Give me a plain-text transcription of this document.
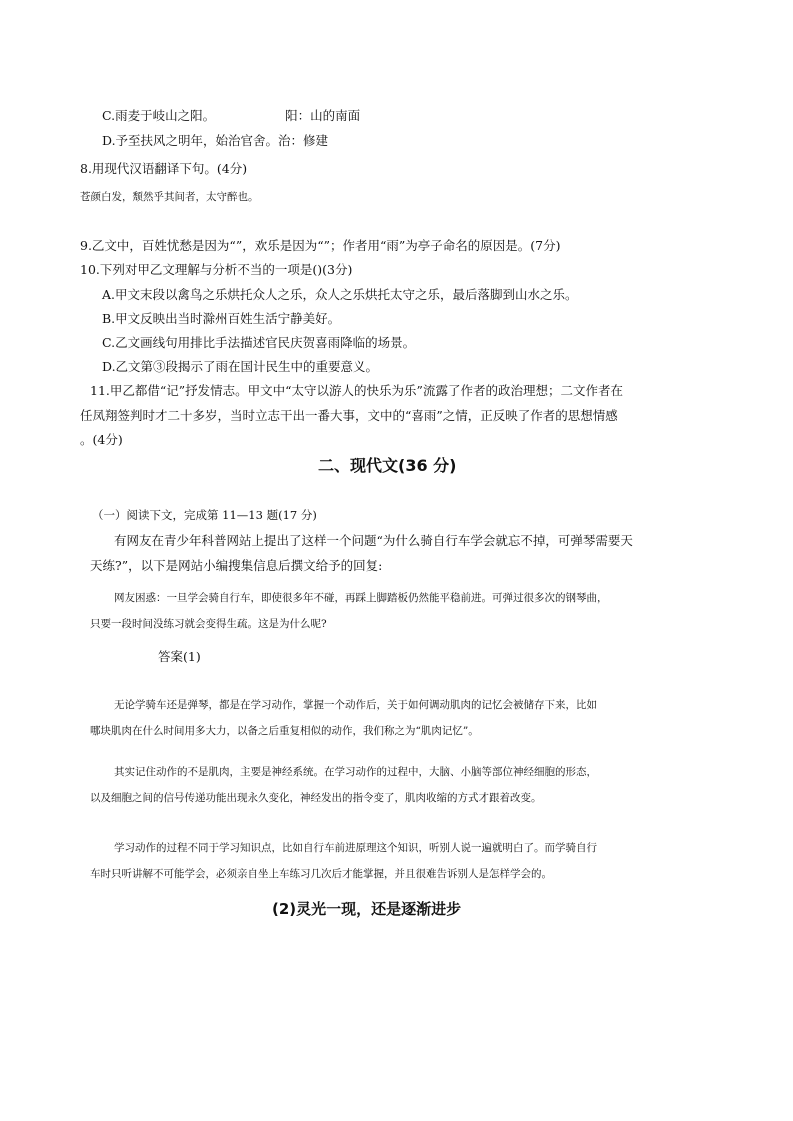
C.雨麦于岐山之阳。	阳：山的南面
D.予至扶风之明年，始治官舍。治：修建
8.用现代汉语翻译下句。(4分)
苍颜白发，颓然乎其间者，太守醉也。
9.乙文中，百姓忧愁是因为“”，欢乐是因为“”；作者用“雨”为亭子命名的原因是。(7分)
10.下列对甲乙文理解与分析不当的一项是()(3分)
A.甲文末段以禽鸟之乐烘托众人之乐，众人之乐烘托太守之乐，最后落脚到山水之乐。
B.甲文反映出当时滁州百姓生活宁静美好。
C.乙文画线句用排比手法描述官民庆贺喜雨降临的场景。
D.乙文第③段揭示了雨在国计民生中的重要意义。
11.甲乙都借“记”抒发情志。甲文中“太守以游人的快乐为乐”流露了作者的政治理想；二文作者在
任凤翔签判时才二十多岁，当时立志干出一番大事，文中的“喜雨”之情，正反映了作者的思想情感
。(4分)
二、现代文(36 分)
（一）阅读下文，完成第 11—13 题(17 分)
有网友在青少年科普网站上提出了这样一个问题“为什么骑自行车学会就忘不掉，可弹琴需要天
天练?”，以下是网站小编搜集信息后撰文给予的回复:
网友困惑：一旦学会骑自行车，即使很多年不碰，再踩上脚踏板仍然能平稳前进。可弹过很多次的钢琴曲，
只要一段时间没练习就会变得生疏。这是为什么呢?
答案(1)
无论学骑车还是弹琴，都是在学习动作，掌握一个动作后，关于如何调动肌肉的记忆会被储存下来，比如
哪块肌肉在什么时间用多大力，以备之后重复相似的动作，我们称之为“肌肉记忆”。
其实记住动作的不是肌肉，主要是神经系统。在学习动作的过程中，大脑、小脑等部位神经细胞的形态，
以及细胞之间的信号传递功能出现永久变化，神经发出的指令变了，肌肉收缩的方式才跟着改变。
学习动作的过程不同于学习知识点，比如自行车前进原理这个知识，听别人说一遍就明白了。而学骑自行
车时只听讲解不可能学会，必须亲自坐上车练习几次后才能掌握，并且很难告诉别人是怎样学会的。
(2)灵光一现，还是逐渐进步
